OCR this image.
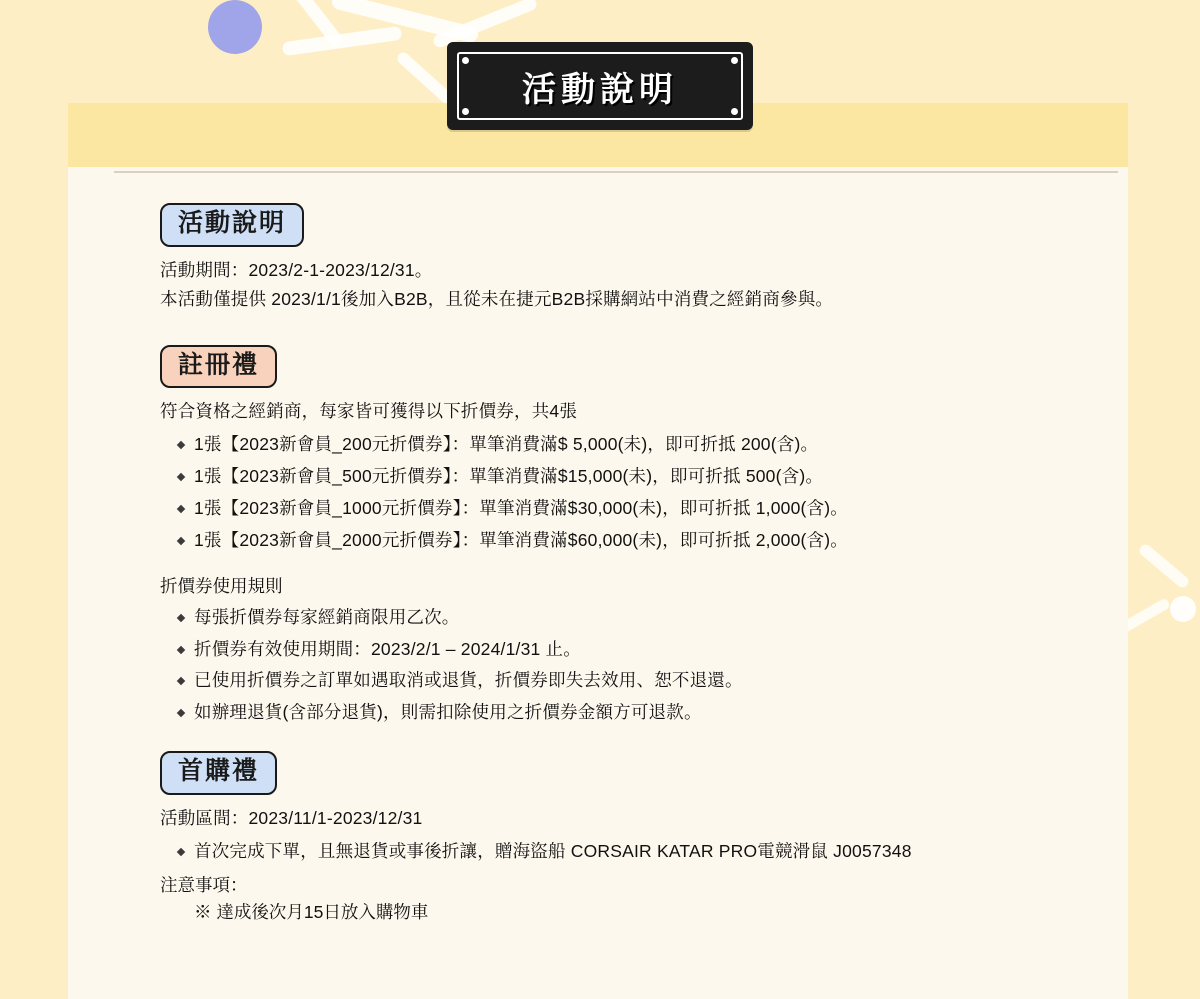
活動說明
活動說明

活動期間：2023/2-1-2023/12/31。

本活動僅提供 2023/1/1後加入B2B，且從未在捷元B2B採購網站中消費之經銷商參與。

註冊禮

符合資格之經銷商，每家皆可獲得以下折價券，共4張

1張【2023新會員_200元折價券】：單筆消費滿$ 5,000(未)，即可折抵 200(含)。
1張【2023新會員_500元折價券】：單筆消費滿$15,000(未)，即可折抵 500(含)。
1張【2023新會員_1000元折價券】：單筆消費滿$30,000(未)，即可折抵 1,000(含)。
1張【2023新會員_2000元折價券】：單筆消費滿$60,000(未)，即可折抵 2,000(含)。

折價券使用規則

每張折價券每家經銷商限用乙次。
折價券有效使用期間：2023/2/1 – 2024/1/31 止。
已使用折價券之訂單如遇取消或退貨，折價券即失去效用、恕不退還。
如辦理退貨(含部分退貨)，則需扣除使用之折價券金額方可退款。
首購禮

活動區間：2023/11/1-2023/12/31

首次完成下單，且無退貨或事後折讓，贈海盜船 CORSAIR KATAR PRO電競滑鼠 J0057348

注意事項：

※ 達成後次月15日放入購物車
